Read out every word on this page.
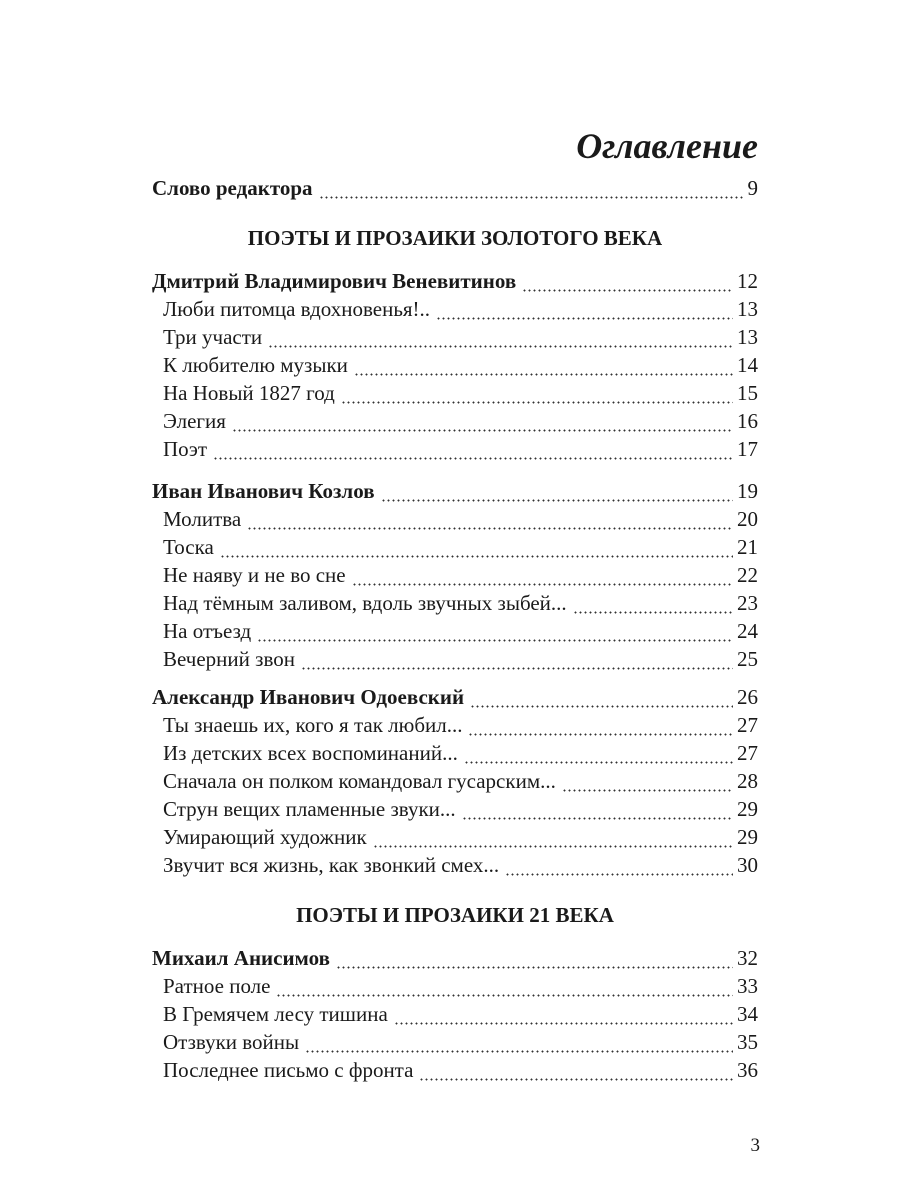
Оглавление
Слово редактора	9
ПОЭТЫ И ПРОЗАИКИ ЗОЛОТОГО ВЕКА
Дмитрий Владимирович Веневитинов	12
Люби питомца вдохновенья!..	13
Три участи	13
К любителю музыки	14
На Новый 1827 год	15
Элегия	16
Поэт	17
Иван Иванович Козлов	19
Молитва	20
Тоска	21
Не наяву и не во сне	22
Над тёмным заливом, вдоль звучных зыбей...	23
На отъезд	24
Вечерний звон	25
Александр Иванович Одоевский	26
Ты знаешь их, кого я так любил...	27
Из детских всех воспоминаний...	27
Сначала он полком командовал гусарским...	28
Струн вещих пламенные звуки...	29
Умирающий художник	29
Звучит вся жизнь, как звонкий смех...	30
ПОЭТЫ И ПРОЗАИКИ 21 ВЕКА
Михаил Анисимов	32
Ратное поле	33
В Гремячем лесу тишина	34
Отзвуки войны	35
Последнее письмо с фронта	36
3
